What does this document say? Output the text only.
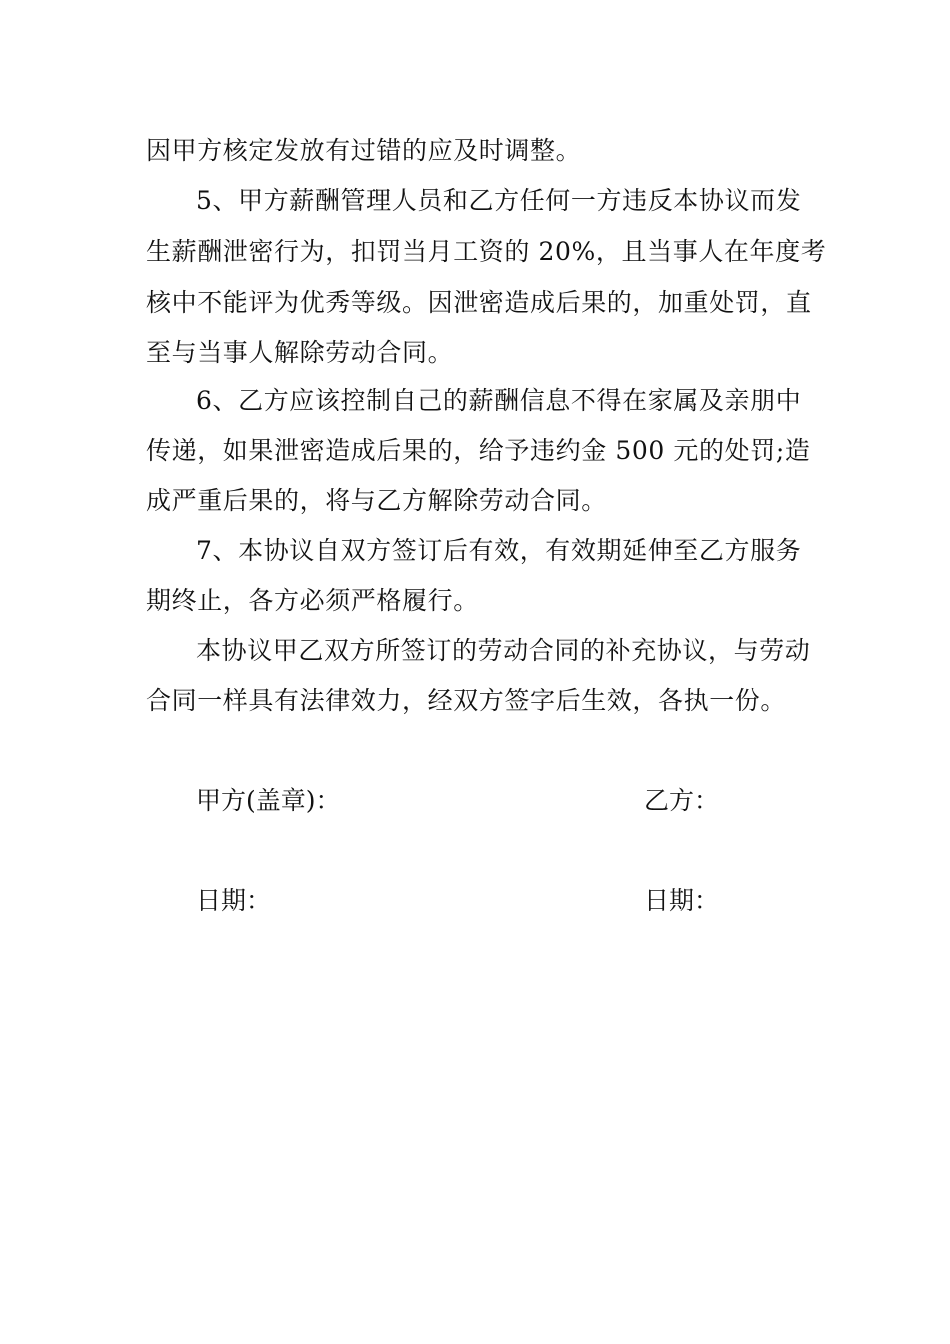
因甲方核定发放有过错的应及时调整。
5、甲方薪酬管理人员和乙方任何一方违反本协议而发
生薪酬泄密行为，扣罚当月工资的 20%，且当事人在年度考
核中不能评为优秀等级。因泄密造成后果的，加重处罚，直
至与当事人解除劳动合同。
6、乙方应该控制自己的薪酬信息不得在家属及亲朋中
传递，如果泄密造成后果的，给予违约金 500 元的处罚;造
成严重后果的，将与乙方解除劳动合同。
7、本协议自双方签订后有效，有效期延伸至乙方服务
期终止，各方必须严格履行。
本协议甲乙双方所签订的劳动合同的补充协议，与劳动
合同一样具有法律效力，经双方签字后生效，各执一份。
甲方(盖章)：	乙方：
日期：	日期：
